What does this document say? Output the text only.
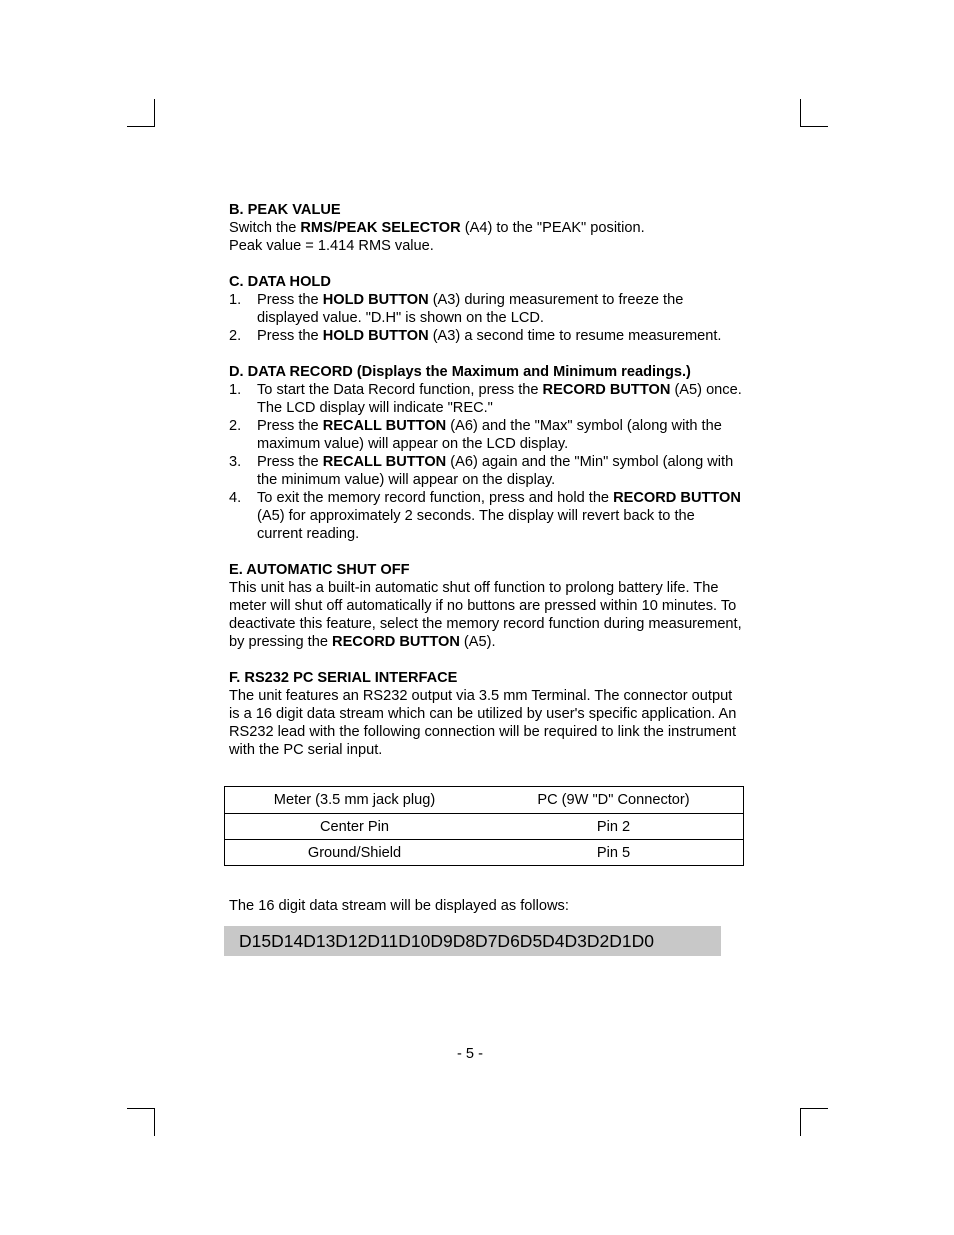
B. PEAK VALUE

Switch the RMS/PEAK SELECTOR (A4) to the "PEAK" position.

Peak value = 1.414 RMS value.

C. DATA HOLD
1. Press the HOLD BUTTON (A3) during measurement to freeze the displayed value. "D.H" is shown on the LCD.
2. Press the HOLD BUTTON (A3) a second time to resume measurement.
D. DATA RECORD (Displays the Maximum and Minimum readings.)
1. To start the Data Record function, press the RECORD BUTTON (A5) once. The LCD display will indicate "REC."
2. Press the RECALL BUTTON (A6) and the "Max" symbol (along with the maximum value) will appear on the LCD display.
3. Press the RECALL BUTTON (A6) again and the "Min" symbol (along with the minimum value) will appear on the display.
4. To exit the memory record function, press and hold the RECORD BUTTON (A5) for approximately 2 seconds. The display will revert back to the current reading.
E. AUTOMATIC SHUT OFF

This unit has a built-in automatic shut off function to prolong battery life. The meter will shut off automatically if no buttons are pressed within 10 minutes. To deactivate this feature, select the memory record function during measurement, by pressing the RECORD BUTTON (A5).

F. RS232 PC SERIAL INTERFACE

The unit features an RS232 output via 3.5 mm Terminal. The connector output is a 16 digit data stream which can be utilized by user's specific application. An RS232 lead with the following connection will be required to link the instrument with the PC serial input.

Meter (3.5 mm jack plug)	PC (9W "D" Connector)
Center Pin	Pin 2
Ground/Shield	Pin 5
The 16 digit data stream will be displayed as follows:
D15D14D13D12D11D10D9D8D7D6D5D4D3D2D1D0
- 5 -
